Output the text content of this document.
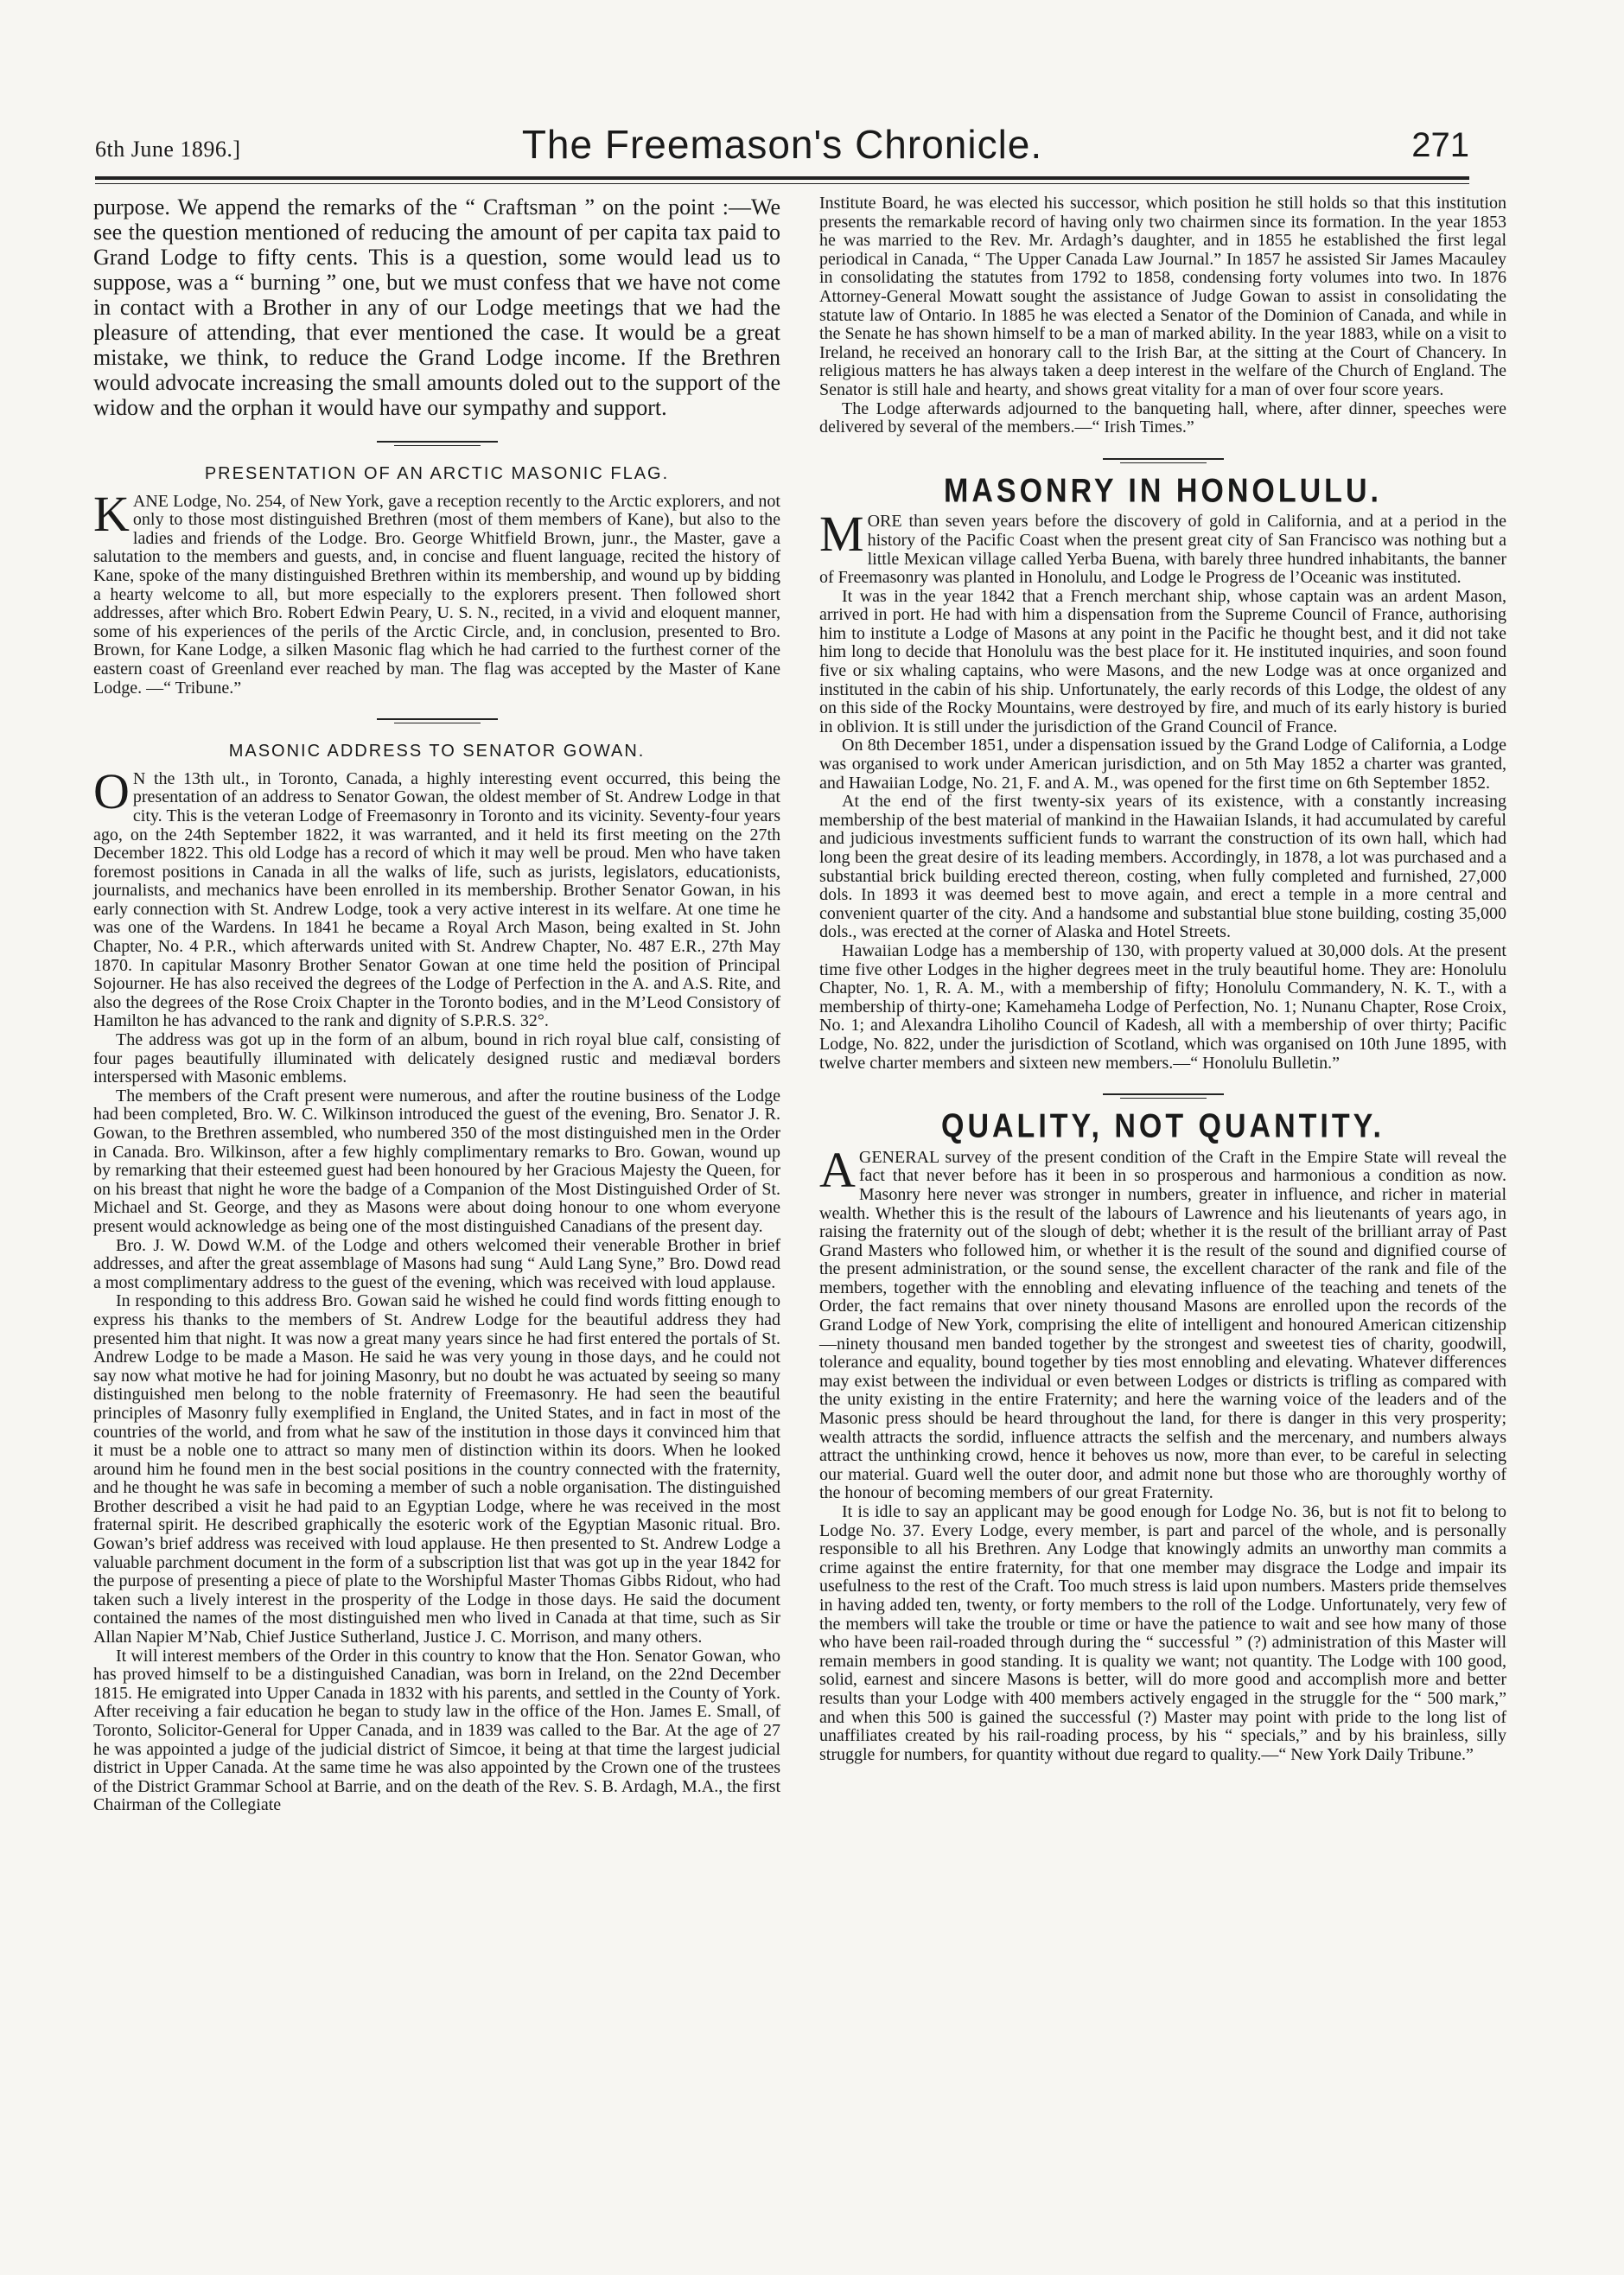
6th June 1896.]	The Freemason's Chronicle.	271

purpose. We append the remarks of the “ Craftsman ” on the point :—We see the question mentioned of reducing the amount of per capita tax paid to Grand Lodge to fifty cents. This is a question, some would lead us to suppose, was a “ burning ” one, but we must confess that we have not come in contact with a Brother in any of our Lodge meetings that we had the pleasure of attending, that ever mentioned the case. It would be a great mistake, we think, to reduce the Grand Lodge income. If the Brethren would advocate increasing the small amounts doled out to the support of the widow and the orphan it would have our sympathy and support.

PRESENTATION OF AN ARCTIC MASONIC FLAG.

KANE Lodge, No. 254, of New York, gave a reception recently to the Arctic explorers, and not only to those most distinguished Brethren (most of them members of Kane), but also to the ladies and friends of the Lodge. Bro. George Whitfield Brown, junr., the Master, gave a salutation to the members and guests, and, in concise and fluent language, recited the history of Kane, spoke of the many distinguished Brethren within its membership, and wound up by bidding a hearty welcome to all, but more especially to the explorers present. Then followed short addresses, after which Bro. Robert Edwin Peary, U. S. N., recited, in a vivid and eloquent manner, some of his experiences of the perils of the Arctic Circle, and, in conclusion, presented to Bro. Brown, for Kane Lodge, a silken Masonic flag which he had carried to the furthest corner of the eastern coast of Greenland ever reached by man. The flag was accepted by the Master of Kane Lodge. —“ Tribune.”

MASONIC ADDRESS TO SENATOR GOWAN.

O N the 13th ult., in Toronto, Canada, a highly interesting event occurred, this being the presentation of an address to Senator Gowan, the oldest member of St. Andrew Lodge in that city. This is the veteran Lodge of Freemasonry in Toronto and its vicinity. Seventy-four years ago, on the 24th September 1822, it was warranted, and it held its first meeting on the 27th December 1822. This old Lodge has a record of which it may well be proud. Men who have taken foremost positions in Canada in all the walks of life, such as jurists, legislators, educationists, journalists, and mechanics have been enrolled in its membership. Brother Senator Gowan, in his early connection with St. Andrew Lodge, took a very active interest in its welfare. At one time he was one of the Wardens. In 1841 he became a Royal Arch Mason, being exalted in St. John Chapter, No. 4 P.R., which afterwards united with St. Andrew Chapter, No. 487 E.R., 27th May 1870. In capitular Masonry Brother Senator Gowan at one time held the position of Principal Sojourner. He has also received the degrees of the Lodge of Perfection in the A. and A.S. Rite, and also the degrees of the Rose Croix Chapter in the Toronto bodies, and in the M’Leod Consistory of Hamilton he has advanced to the rank and dignity of S.P.R.S. 32°.

The address was got up in the form of an album, bound in rich royal blue calf, consisting of four pages beautifully illuminated with delicately designed rustic and mediæval borders interspersed with Masonic emblems.

The members of the Craft present were numerous, and after the routine business of the Lodge had been completed, Bro. W. C. Wilkinson introduced the guest of the evening, Bro. Senator J. R. Gowan, to the Brethren assembled, who numbered 350 of the most distinguished men in the Order in Canada. Bro. Wilkinson, after a few highly complimentary remarks to Bro. Gowan, wound up by remarking that their esteemed guest had been honoured by her Gracious Majesty the Queen, for on his breast that night he wore the badge of a Companion of the Most Distinguished Order of St. Michael and St. George, and they as Masons were about doing honour to one whom everyone present would acknowledge as being one of the most distinguished Canadians of the present day.

Bro. J. W. Dowd W.M. of the Lodge and others welcomed their venerable Brother in brief addresses, and after the great assemblage of Masons had sung “ Auld Lang Syne,” Bro. Dowd read a most complimentary address to the guest of the evening, which was received with loud applause.

In responding to this address Bro. Gowan said he wished he could find words fitting enough to express his thanks to the members of St. Andrew Lodge for the beautiful address they had presented him that night. It was now a great many years since he had first entered the portals of St. Andrew Lodge to be made a Mason. He said he was very young in those days, and he could not say now what motive he had for joining Masonry, but no doubt he was actuated by seeing so many distinguished men belong to the noble fraternity of Freemasonry. He had seen the beautiful principles of Masonry fully exemplified in England, the United States, and in fact in most of the countries of the world, and from what he saw of the institution in those days it convinced him that it must be a noble one to attract so many men of distinction within its doors. When he looked around him he found men in the best social positions in the country connected with the fraternity, and he thought he was safe in becoming a member of such a noble organisation. The distinguished Brother described a visit he had paid to an Egyptian Lodge, where he was received in the most fraternal spirit. He described graphically the esoteric work of the Egyptian Masonic ritual. Bro. Gowan’s brief address was received with loud applause. He then presented to St. Andrew Lodge a valuable parchment document in the form of a subscription list that was got up in the year 1842 for the purpose of presenting a piece of plate to the Worshipful Master Thomas Gibbs Ridout, who had taken such a lively interest in the prosperity of the Lodge in those days. He said the document contained the names of the most distinguished men who lived in Canada at that time, such as Sir Allan Napier M’Nab, Chief Justice Sutherland, Justice J. C. Morrison, and many others.

It will interest members of the Order in this country to know that the Hon. Senator Gowan, who has proved himself to be a distinguished Canadian, was born in Ireland, on the 22nd December 1815. He emigrated into Upper Canada in 1832 with his parents, and settled in the County of York. After receiving a fair education he began to study law in the office of the Hon. James E. Small, of Toronto, Solicitor-General for Upper Canada, and in 1839 was called to the Bar. At the age of 27 he was appointed a judge of the judicial district of Simcoe, it being at that time the largest judicial district in Upper Canada. At the same time he was also appointed by the Crown one of the trustees of the District Grammar School at Barrie, and on the death of the Rev. S. B. Ardagh, M.A., the first Chairman of the Collegiate

Institute Board, he was elected his successor, which position he still holds so that this institution presents the remarkable record of having only two chairmen since its formation. In the year 1853 he was married to the Rev. Mr. Ardagh’s daughter, and in 1855 he established the first legal periodical in Canada, “ The Upper Canada Law Journal.” In 1857 he assisted Sir James Macauley in consolidating the statutes from 1792 to 1858, condensing forty volumes into two. In 1876 Attorney-General Mowatt sought the assistance of Judge Gowan to assist in consolidating the statute law of Ontario. In 1885 he was elected a Senator of the Dominion of Canada, and while in the Senate he has shown himself to be a man of marked ability. In the year 1883, while on a visit to Ireland, he received an honorary call to the Irish Bar, at the sitting at the Court of Chancery. In religious matters he has always taken a deep interest in the welfare of the Church of England. The Senator is still hale and hearty, and shows great vitality for a man of over four score years.

The Lodge afterwards adjourned to the banqueting hall, where, after dinner, speeches were delivered by several of the members.—“ Irish Times.”

MASONRY IN HONOLULU.

MORE than seven years before the discovery of gold in California, and at a period in the history of the Pacific Coast when the present great city of San Francisco was nothing but a little Mexican village called Yerba Buena, with barely three hundred inhabitants, the banner of Freemasonry was planted in Honolulu, and Lodge le Progress de l’Oceanic was instituted.

It was in the year 1842 that a French merchant ship, whose captain was an ardent Mason, arrived in port. He had with him a dispensation from the Supreme Council of France, authorising him to institute a Lodge of Masons at any point in the Pacific he thought best, and it did not take him long to decide that Honolulu was the best place for it. He instituted inquiries, and soon found five or six whaling captains, who were Masons, and the new Lodge was at once organized and instituted in the cabin of his ship. Unfortunately, the early records of this Lodge, the oldest of any on this side of the Rocky Mountains, were destroyed by fire, and much of its early history is buried in oblivion. It is still under the jurisdiction of the Grand Council of France.

On 8th December 1851, under a dispensation issued by the Grand Lodge of California, a Lodge was organised to work under American jurisdiction, and on 5th May 1852 a charter was granted, and Hawaiian Lodge, No. 21, F. and A. M., was opened for the first time on 6th September 1852.

At the end of the first twenty-six years of its existence, with a constantly increasing membership of the best material of mankind in the Hawaiian Islands, it had accumulated by careful and judicious investments sufficient funds to warrant the construction of its own hall, which had long been the great desire of its leading members. Accordingly, in 1878, a lot was purchased and a substantial brick building erected thereon, costing, when fully completed and furnished, 27,000 dols. In 1893 it was deemed best to move again, and erect a temple in a more central and convenient quarter of the city. And a handsome and substantial blue stone building, costing 35,000 dols., was erected at the corner of Alaska and Hotel Streets.

Hawaiian Lodge has a membership of 130, with property valued at 30,000 dols. At the present time five other Lodges in the higher degrees meet in the truly beautiful home. They are: Honolulu Chapter, No. 1, R. A. M., with a membership of fifty; Honolulu Commandery, N. K. T., with a membership of thirty-one; Kamehameha Lodge of Perfection, No. 1; Nunanu Chapter, Rose Croix, No. 1; and Alexandra Liholiho Council of Kadesh, all with a membership of over thirty; Pacific Lodge, No. 822, under the jurisdiction of Scotland, which was organised on 10th June 1895, with twelve charter members and sixteen new members.—“ Honolulu Bulletin.”

QUALITY, NOT QUANTITY.

AGENERAL survey of the present condition of the Craft in the Empire State will reveal the fact that never before has it been in so prosperous and harmonious a condition as now. Masonry here never was stronger in numbers, greater in influence, and richer in material wealth. Whether this is the result of the labours of Lawrence and his lieutenants of years ago, in raising the fraternity out of the slough of debt; whether it is the result of the brilliant array of Past Grand Masters who followed him, or whether it is the result of the sound and dignified course of the present administration, or the sound sense, the excellent character of the rank and file of the members, together with the ennobling and elevating influence of the teaching and tenets of the Order, the fact remains that over ninety thousand Masons are enrolled upon the records of the Grand Lodge of New York, comprising the elite of intelligent and honoured American citizenship—ninety thousand men banded together by the strongest and sweetest ties of charity, goodwill, tolerance and equality, bound together by ties most ennobling and elevating. Whatever differences may exist between the individual or even between Lodges or districts is trifling as compared with the unity existing in the entire Fraternity; and here the warning voice of the leaders and of the Masonic press should be heard throughout the land, for there is danger in this very prosperity; wealth attracts the sordid, influence attracts the selfish and the mercenary, and numbers always attract the unthinking crowd, hence it behoves us now, more than ever, to be careful in selecting our material. Guard well the outer door, and admit none but those who are thoroughly worthy of the honour of becoming members of our great Fraternity.

It is idle to say an applicant may be good enough for Lodge No. 36, but is not fit to belong to Lodge No. 37. Every Lodge, every member, is part and parcel of the whole, and is personally responsible to all his Brethren. Any Lodge that knowingly admits an unworthy man commits a crime against the entire fraternity, for that one member may disgrace the Lodge and impair its usefulness to the rest of the Craft. Too much stress is laid upon numbers. Masters pride themselves in having added ten, twenty, or forty members to the roll of the Lodge. Unfortunately, very few of the members will take the trouble or time or have the patience to wait and see how many of those who have been rail-roaded through during the “ successful ” (?) administration of this Master will remain members in good standing. It is quality we want; not quantity. The Lodge with 100 good, solid, earnest and sincere Masons is better, will do more good and accomplish more and better results than your Lodge with 400 members actively engaged in the struggle for the “ 500 mark,” and when this 500 is gained the successful (?) Master may point with pride to the long list of unaffiliates created by his rail-roading process, by his “ specials,” and by his brainless, silly struggle for numbers, for quantity without due regard to quality.—“ New York Daily Tribune.”
